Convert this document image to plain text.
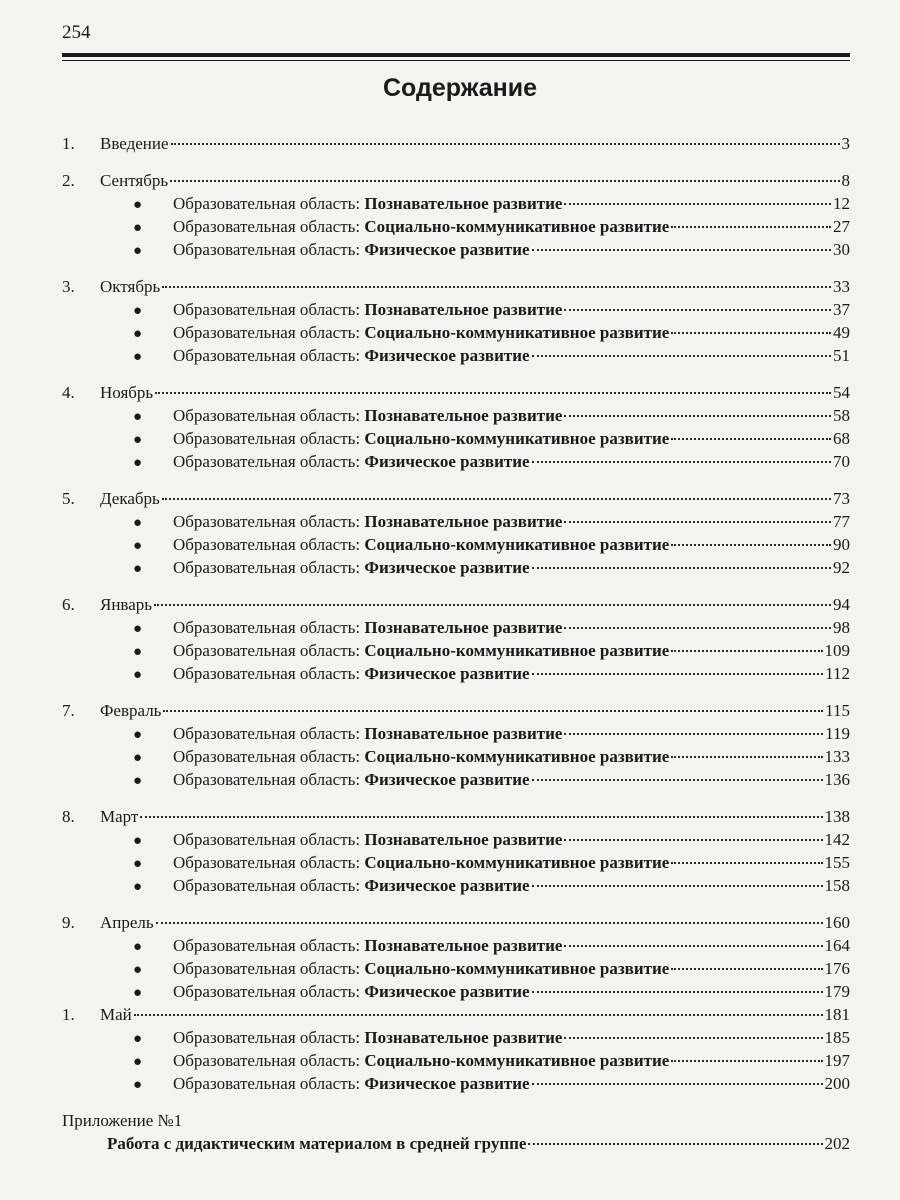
254
Содержание
1.	Введение	3
2.	Сентябрь	8
●	Образовательная область: Познавательное развитие	12
●	Образовательная область: Социально-коммуникативное развитие	27
●	Образовательная область: Физическое развитие	30
3.	Октябрь	33
●	Образовательная область: Познавательное развитие	37
●	Образовательная область: Социально-коммуникативное развитие	49
●	Образовательная область: Физическое развитие	51
4.	Ноябрь	54
●	Образовательная область: Познавательное развитие	58
●	Образовательная область: Социально-коммуникативное развитие	68
●	Образовательная область: Физическое развитие	70
5.	Декабрь	73
●	Образовательная область: Познавательное развитие	77
●	Образовательная область: Социально-коммуникативное развитие	90
●	Образовательная область: Физическое развитие	92
6.	Январь	94
●	Образовательная область: Познавательное развитие	98
●	Образовательная область: Социально-коммуникативное развитие	109
●	Образовательная область: Физическое развитие	112
7.	Февраль	115
●	Образовательная область: Познавательное развитие	119
●	Образовательная область: Социально-коммуникативное развитие	133
●	Образовательная область: Физическое развитие	136
8.	Март	138
●	Образовательная область: Познавательное развитие	142
●	Образовательная область: Социально-коммуникативное развитие	155
●	Образовательная область: Физическое развитие	158
9.	Апрель	160
●	Образовательная область: Познавательное развитие	164
●	Образовательная область: Социально-коммуникативное развитие	176
●	Образовательная область: Физическое развитие	179
1.	Май	181
●	Образовательная область: Познавательное развитие	185
●	Образовательная область: Социально-коммуникативное развитие	197
●	Образовательная область: Физическое развитие	200
Приложение №1
Работа с дидактическим материалом в средней группе	202
